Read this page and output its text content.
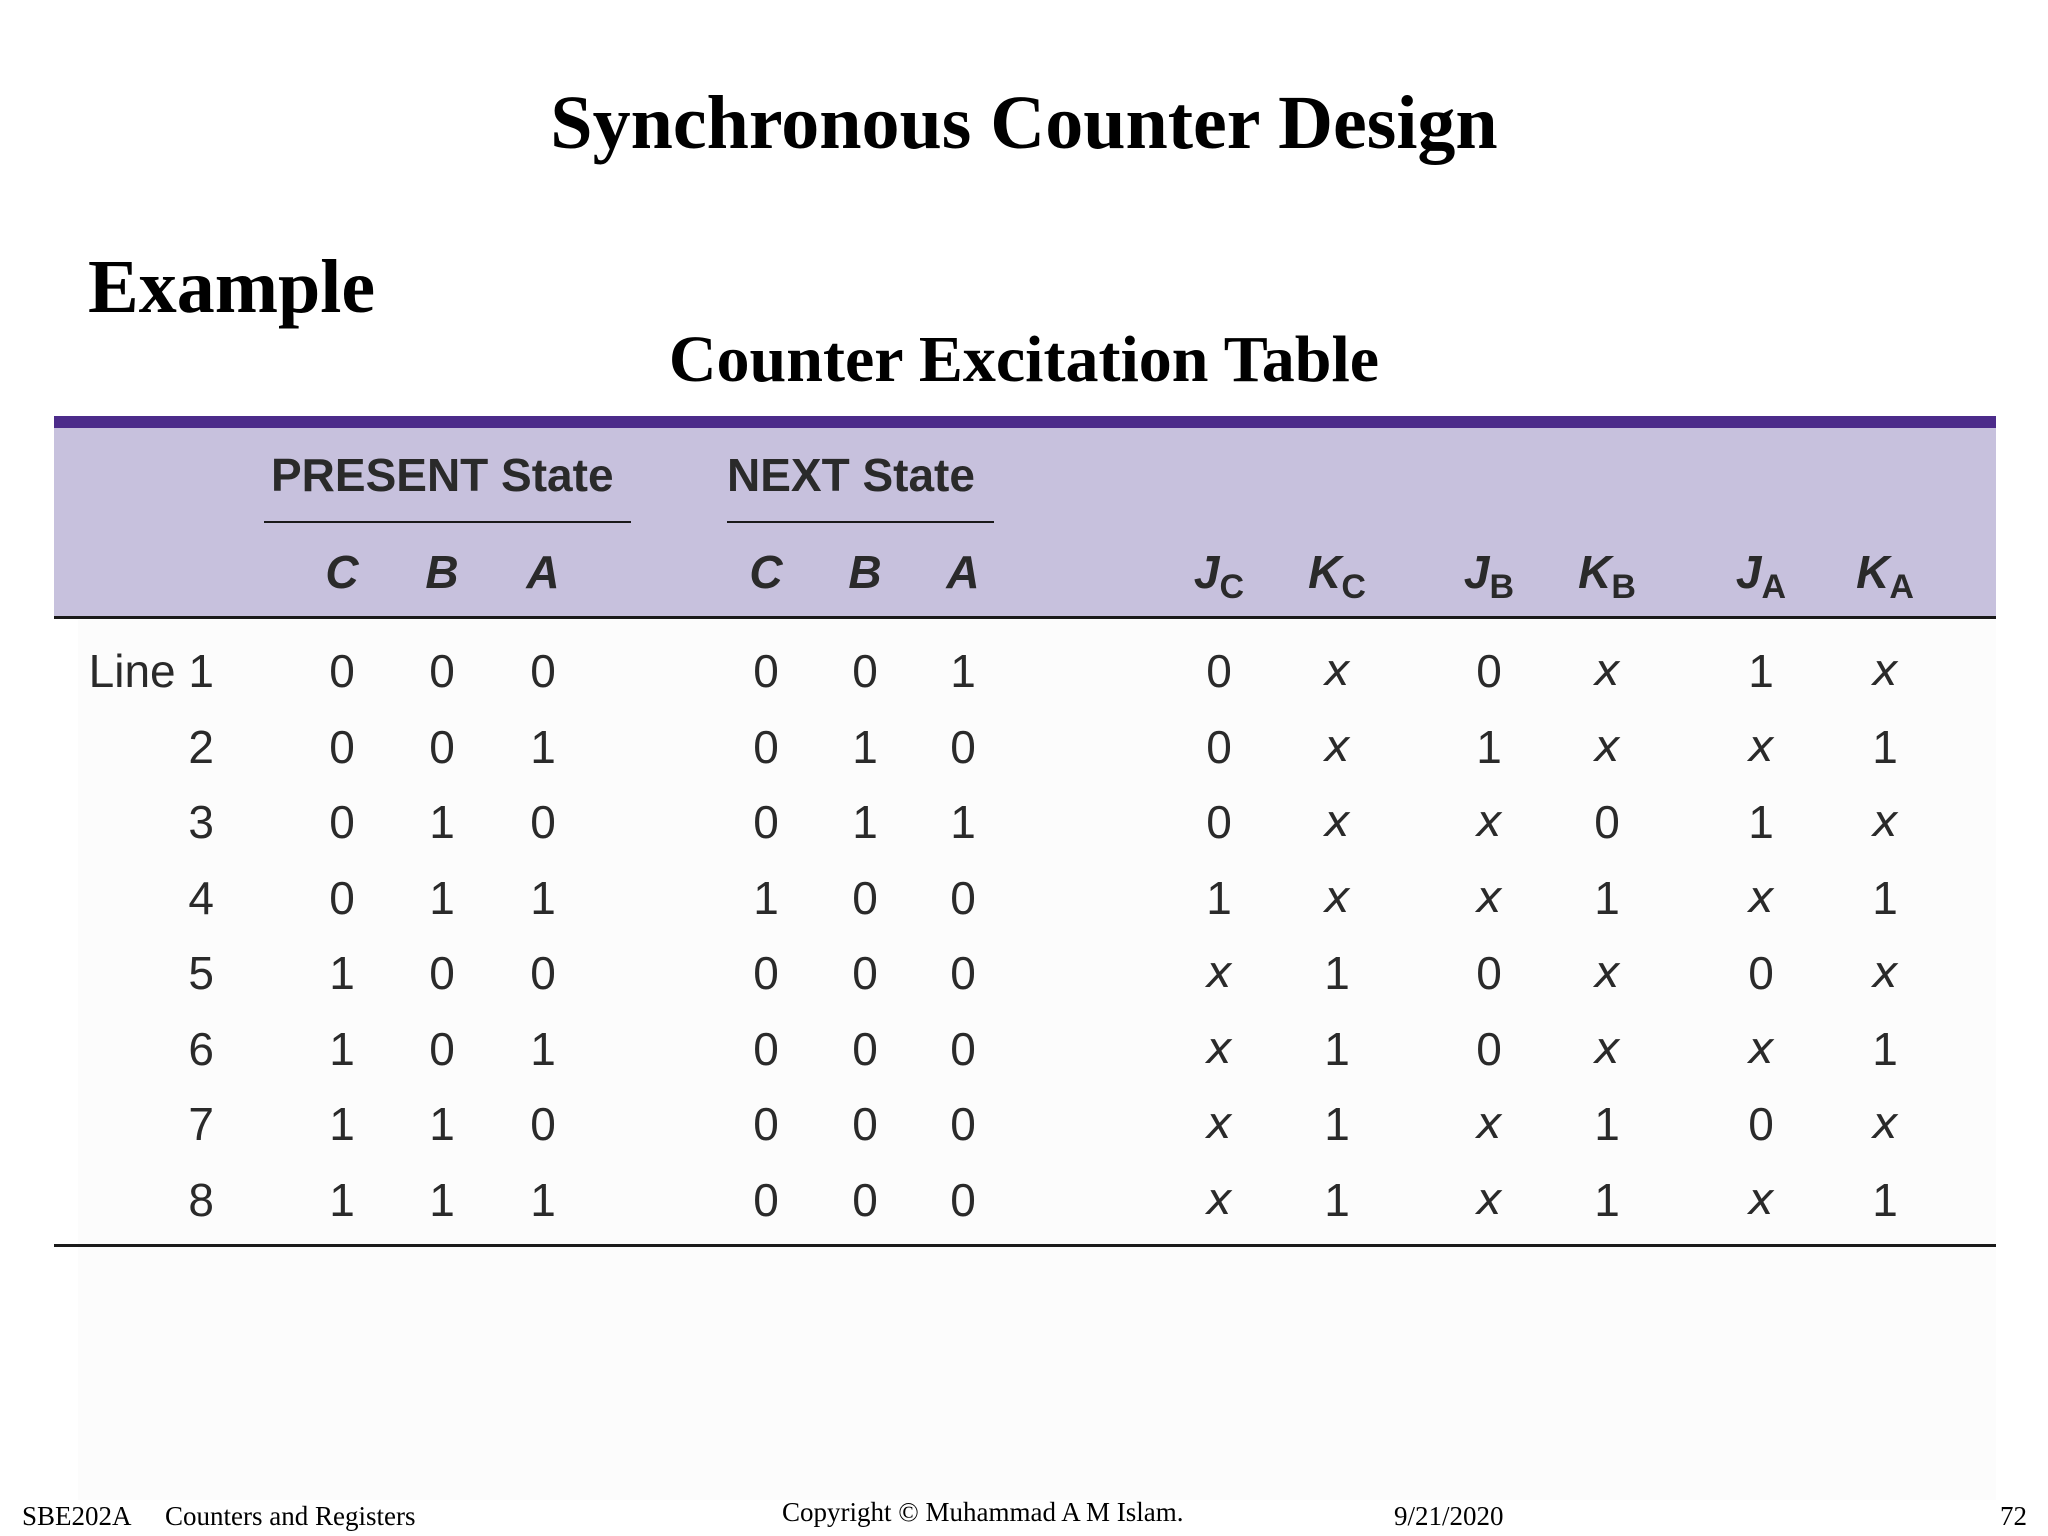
Synchronous Counter Design
Example
Counter Excitation Table
PRESENT State NEXT State
C	B	A	C	B	A	$J_C$	$K_C$	$J_B$	$K_B$	$J_A$	$K_A$
Line 1	0	0	0	0	0	1	0	x	0	x	1	x
2	0	0	1	0	1	0	0	x	1	x	x	1
3	0	1	0	0	1	1	0	x	x	0	1	x
4	0	1	1	1	0	0	1	x	x	1	x	1
5	1	0	0	0	0	0	x	1	0	x	0	x
6	1	0	1	0	0	0	x	1	0	x	x	1
7	1	1	0	0	0	0	x	1	x	1	0	x
8	1	1	1	0	0	0	x	1	x	1	x	1
SBE202A Counters and Registers	Copyright © Muhammad A M Islam.	9/21/2020	72
